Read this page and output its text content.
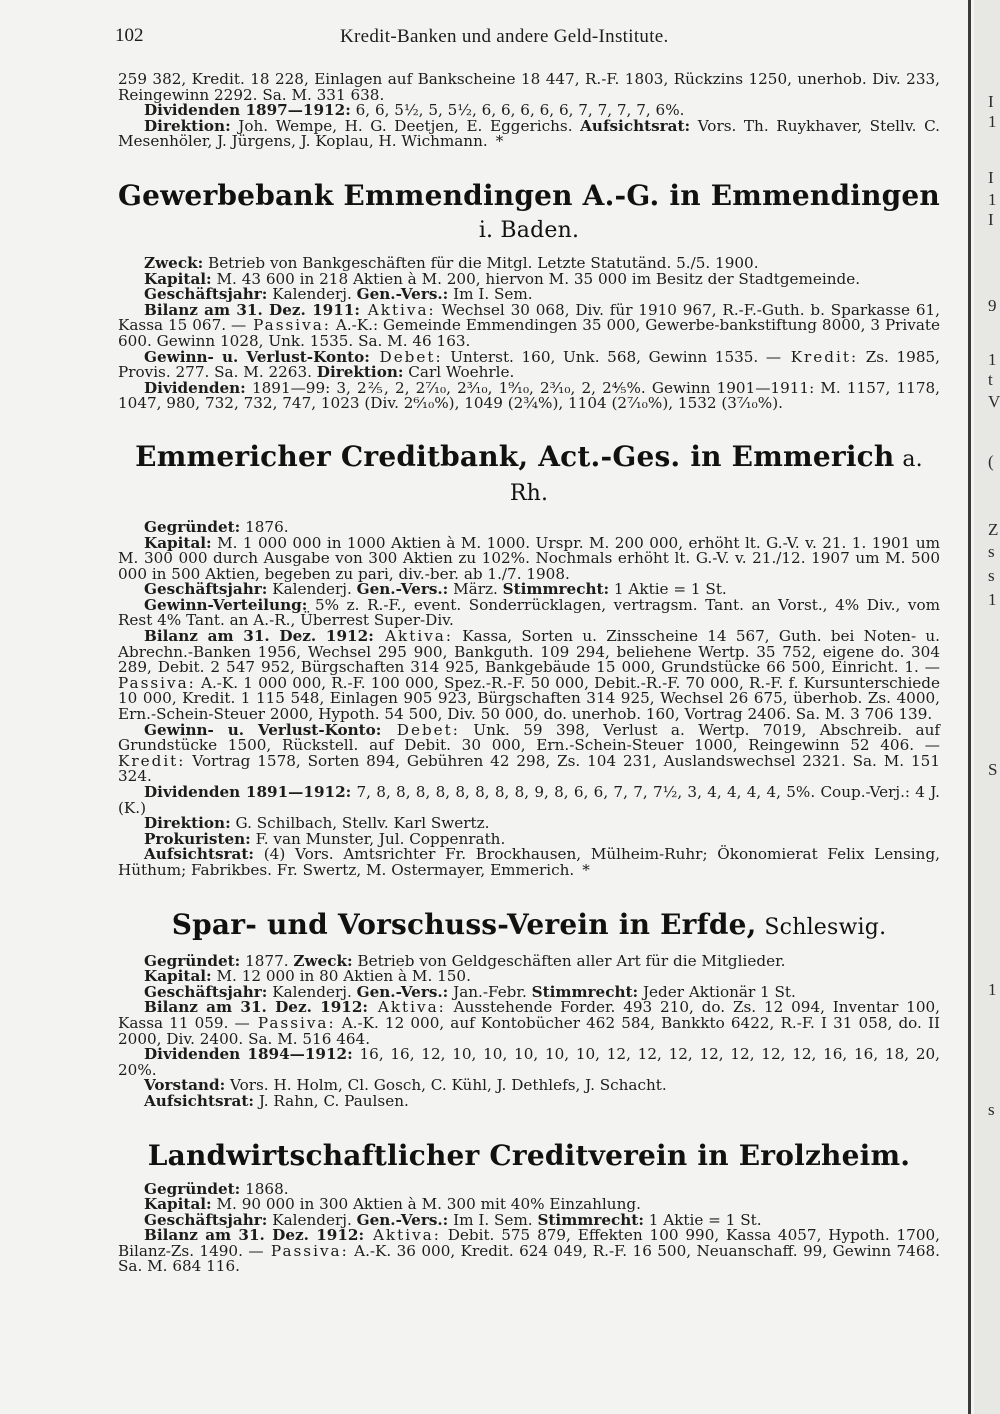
I
1
I
1
I
9
1
t
V
(
Z
s
s
1
S
1
s
102	Kredit-Banken und andere Geld-Institute.

259 382, Kredit. 18 228, Einlagen auf Bankscheine 18 447, R.-F. 1803, Rückzins 1250, unerhob. Div. 233, Reingewinn 2292. Sa. M. 331 638.

Dividenden 1897—1912: 6, 6, 5½, 5, 5½, 6, 6, 6, 6, 6, 7, 7, 7, 7, 6%.

Direktion: Joh. Wempe, H. G. Deetjen, E. Eggerichs. Aufsichtsrat: Vors. Th. Ruykhaver, Stellv. C. Mesenhöler, J. Jürgens, J. Koplau, H. Wichmann. *

Gewerbebank Emmendingen A.-G. in Emmendingen i. Baden.

Zweck: Betrieb von Bankgeschäften für die Mitgl. Letzte Statutänd. 5./5. 1900.

Kapital: M. 43 600 in 218 Aktien à M. 200, hiervon M. 35 000 im Besitz der Stadtgemeinde.

Geschäftsjahr: Kalenderj. Gen.-Vers.: Im I. Sem.

Bilanz am 31. Dez. 1911: Aktiva: Wechsel 30 068, Div. für 1910 967, R.-F.-Guth. b. Sparkasse 61, Kassa 15 067. — Passiva: A.-K.: Gemeinde Emmendingen 35 000, Gewerbe-bankstiftung 8000, 3 Private 600. Gewinn 1028, Unk. 1535. Sa. M. 46 163.

Gewinn- u. Verlust-Konto: Debet: Unterst. 160, Unk. 568, Gewinn 1535. — Kredit: Zs. 1985, Provis. 277. Sa. M. 2263. Direktion: Carl Woehrle.

Dividenden: 1891—99: 3, 2⅖, 2, 2⁷⁄₁₀, 2³⁄₁₀, 1⁹⁄₁₀, 2³⁄₁₀, 2, 2⁴⁄₅%. Gewinn 1901—1911: M. 1157, 1178, 1047, 980, 732, 732, 747, 1023 (Div. 2⁶⁄₁₀%), 1049 (2¾%), 1104 (2⁷⁄₁₀%), 1532 (3⁷⁄₁₀%).

Emmericher Creditbank, Act.-Ges. in Emmerich a. Rh.

Gegründet: 1876.

Kapital: M. 1 000 000 in 1000 Aktien à M. 1000. Urspr. M. 200 000, erhöht lt. G.-V. v. 21. 1. 1901 um M. 300 000 durch Ausgabe von 300 Aktien zu 102%. Nochmals erhöht lt. G.-V. v. 21./12. 1907 um M. 500 000 in 500 Aktien, begeben zu pari, div.-ber. ab 1./7. 1908.

Geschäftsjahr: Kalenderj. Gen.-Vers.: März. Stimmrecht: 1 Aktie = 1 St.

Gewinn-Verteilung: 5% z. R.-F., event. Sonderrücklagen, vertragsm. Tant. an Vorst., 4% Div., vom Rest 4% Tant. an A.-R., Überrest Super-Div.

Bilanz am 31. Dez. 1912: Aktiva: Kassa, Sorten u. Zinsscheine 14 567, Guth. bei Noten- u. Abrechn.-Banken 1956, Wechsel 295 900, Bankguth. 109 294, beliehene Wertp. 35 752, eigene do. 304 289, Debit. 2 547 952, Bürgschaften 314 925, Bankgebäude 15 000, Grundstücke 66 500, Einricht. 1. — Passiva: A.-K. 1 000 000, R.-F. 100 000, Spez.-R.-F. 50 000, Debit.-R.-F. 70 000, R.-F. f. Kursunterschiede 10 000, Kredit. 1 115 548, Einlagen 905 923, Bürgschaften 314 925, Wechsel 26 675, überhob. Zs. 4000, Ern.-Schein-Steuer 2000, Hypoth. 54 500, Div. 50 000, do. unerhob. 160, Vortrag 2406. Sa. M. 3 706 139.

Gewinn- u. Verlust-Konto: Debet: Unk. 59 398, Verlust a. Wertp. 7019, Abschreib. auf Grundstücke 1500, Rückstell. auf Debit. 30 000, Ern.-Schein-Steuer 1000, Reingewinn 52 406. — Kredit: Vortrag 1578, Sorten 894, Gebühren 42 298, Zs. 104 231, Auslandswechsel 2321. Sa. M. 151 324.

Dividenden 1891—1912: 7, 8, 8, 8, 8, 8, 8, 8, 8, 9, 8, 6, 6, 7, 7, 7½, 3, 4, 4, 4, 4, 5%. Coup.-Verj.: 4 J. (K.)

Direktion: G. Schilbach, Stellv. Karl Swertz.

Prokuristen: F. van Munster, Jul. Coppenrath.

Aufsichtsrat: (4) Vors. Amtsrichter Fr. Brockhausen, Mülheim-Ruhr; Ökonomierat Felix Lensing, Hüthum; Fabrikbes. Fr. Swertz, M. Ostermayer, Emmerich. *

Spar- und Vorschuss-Verein in Erfde, Schleswig.

Gegründet: 1877. Zweck: Betrieb von Geldgeschäften aller Art für die Mitglieder.

Kapital: M. 12 000 in 80 Aktien à M. 150.

Geschäftsjahr: Kalenderj. Gen.-Vers.: Jan.-Febr. Stimmrecht: Jeder Aktionär 1 St.

Bilanz am 31. Dez. 1912: Aktiva: Ausstehende Forder. 493 210, do. Zs. 12 094, Inventar 100, Kassa 11 059. — Passiva: A.-K. 12 000, auf Kontobücher 462 584, Bankkto 6422, R.-F. I 31 058, do. II 2000, Div. 2400. Sa. M. 516 464.

Dividenden 1894—1912: 16, 16, 12, 10, 10, 10, 10, 10, 12, 12, 12, 12, 12, 12, 12, 16, 16, 18, 20, 20%.

Vorstand: Vors. H. Holm, Cl. Gosch, C. Kühl, J. Dethlefs, J. Schacht.

Aufsichtsrat: J. Rahn, C. Paulsen.

Landwirtschaftlicher Creditverein in Erolzheim.

Gegründet: 1868.

Kapital: M. 90 000 in 300 Aktien à M. 300 mit 40% Einzahlung.

Geschäftsjahr: Kalenderj. Gen.-Vers.: Im I. Sem. Stimmrecht: 1 Aktie = 1 St.

Bilanz am 31. Dez. 1912: Aktiva: Debit. 575 879, Effekten 100 990, Kassa 4057, Hypoth. 1700, Bilanz-Zs. 1490. — Passiva: A.-K. 36 000, Kredit. 624 049, R.-F. 16 500, Neuanschaff. 99, Gewinn 7468. Sa. M. 684 116.
